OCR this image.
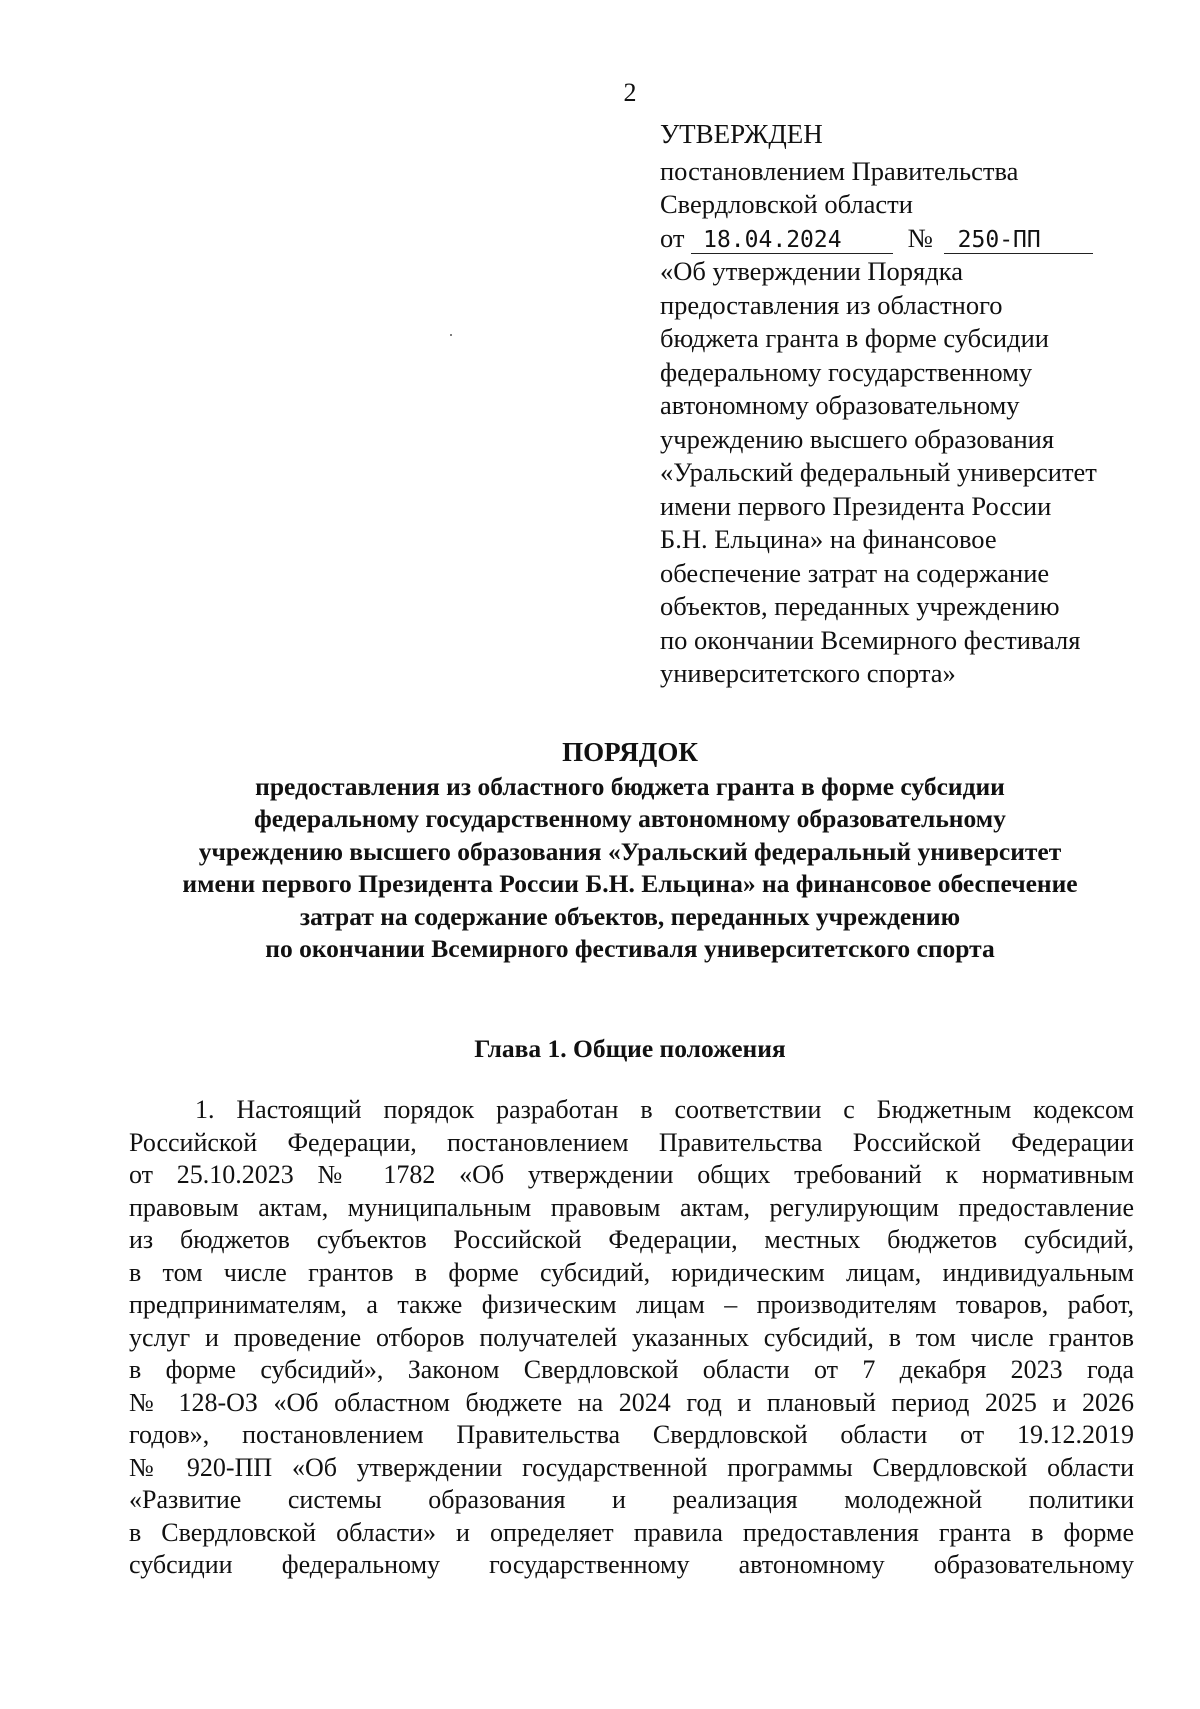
2
УТВЕРЖДЕН
постановлением Правительства
Свердловской области
от 18.04.2024 № 250-ПП
«Об утверждении Порядка
предоставления из областного
бюджета гранта в форме субсидии
федеральному государственному
автономному образовательному
учреждению высшего образования
«Уральский федеральный университет
имени первого Президента России
Б.Н. Ельцина» на финансовое
обеспечение затрат на содержание
объектов, переданных учреждению
по окончании Всемирного фестиваля
университетского спорта»
ПОРЯДОК
предоставления из областного бюджета гранта в форме субсидии
федеральному государственному автономному образовательному
учреждению высшего образования «Уральский федеральный университет
имени первого Президента России Б.Н. Ельцина» на финансовое обеспечение
затрат на содержание объектов, переданных учреждению
по окончании Всемирного фестиваля университетского спорта
Глава 1. Общие положения
1. Настоящий порядок разработан в соответствии с Бюджетным кодексом
Российской Федерации, постановлением Правительства Российской Федерации
от 25.10.2023 № 1782 «Об утверждении общих требований к нормативным
правовым актам, муниципальным правовым актам, регулирующим предоставление
из бюджетов субъектов Российской Федерации, местных бюджетов субсидий,
в том числе грантов в форме субсидий, юридическим лицам, индивидуальным
предпринимателям, а также физическим лицам – производителям товаров, работ,
услуг и проведение отборов получателей указанных субсидий, в том числе грантов
в форме субсидий», Законом Свердловской области от 7 декабря 2023 года
№ 128-ОЗ «Об областном бюджете на 2024 год и плановый период 2025 и 2026
годов», постановлением Правительства Свердловской области от 19.12.2019
№ 920-ПП «Об утверждении государственной программы Свердловской области
«Развитие системы образования и реализация молодежной политики
в Свердловской области» и определяет правила предоставления гранта в форме
субсидии федеральному государственному автономному образовательному
